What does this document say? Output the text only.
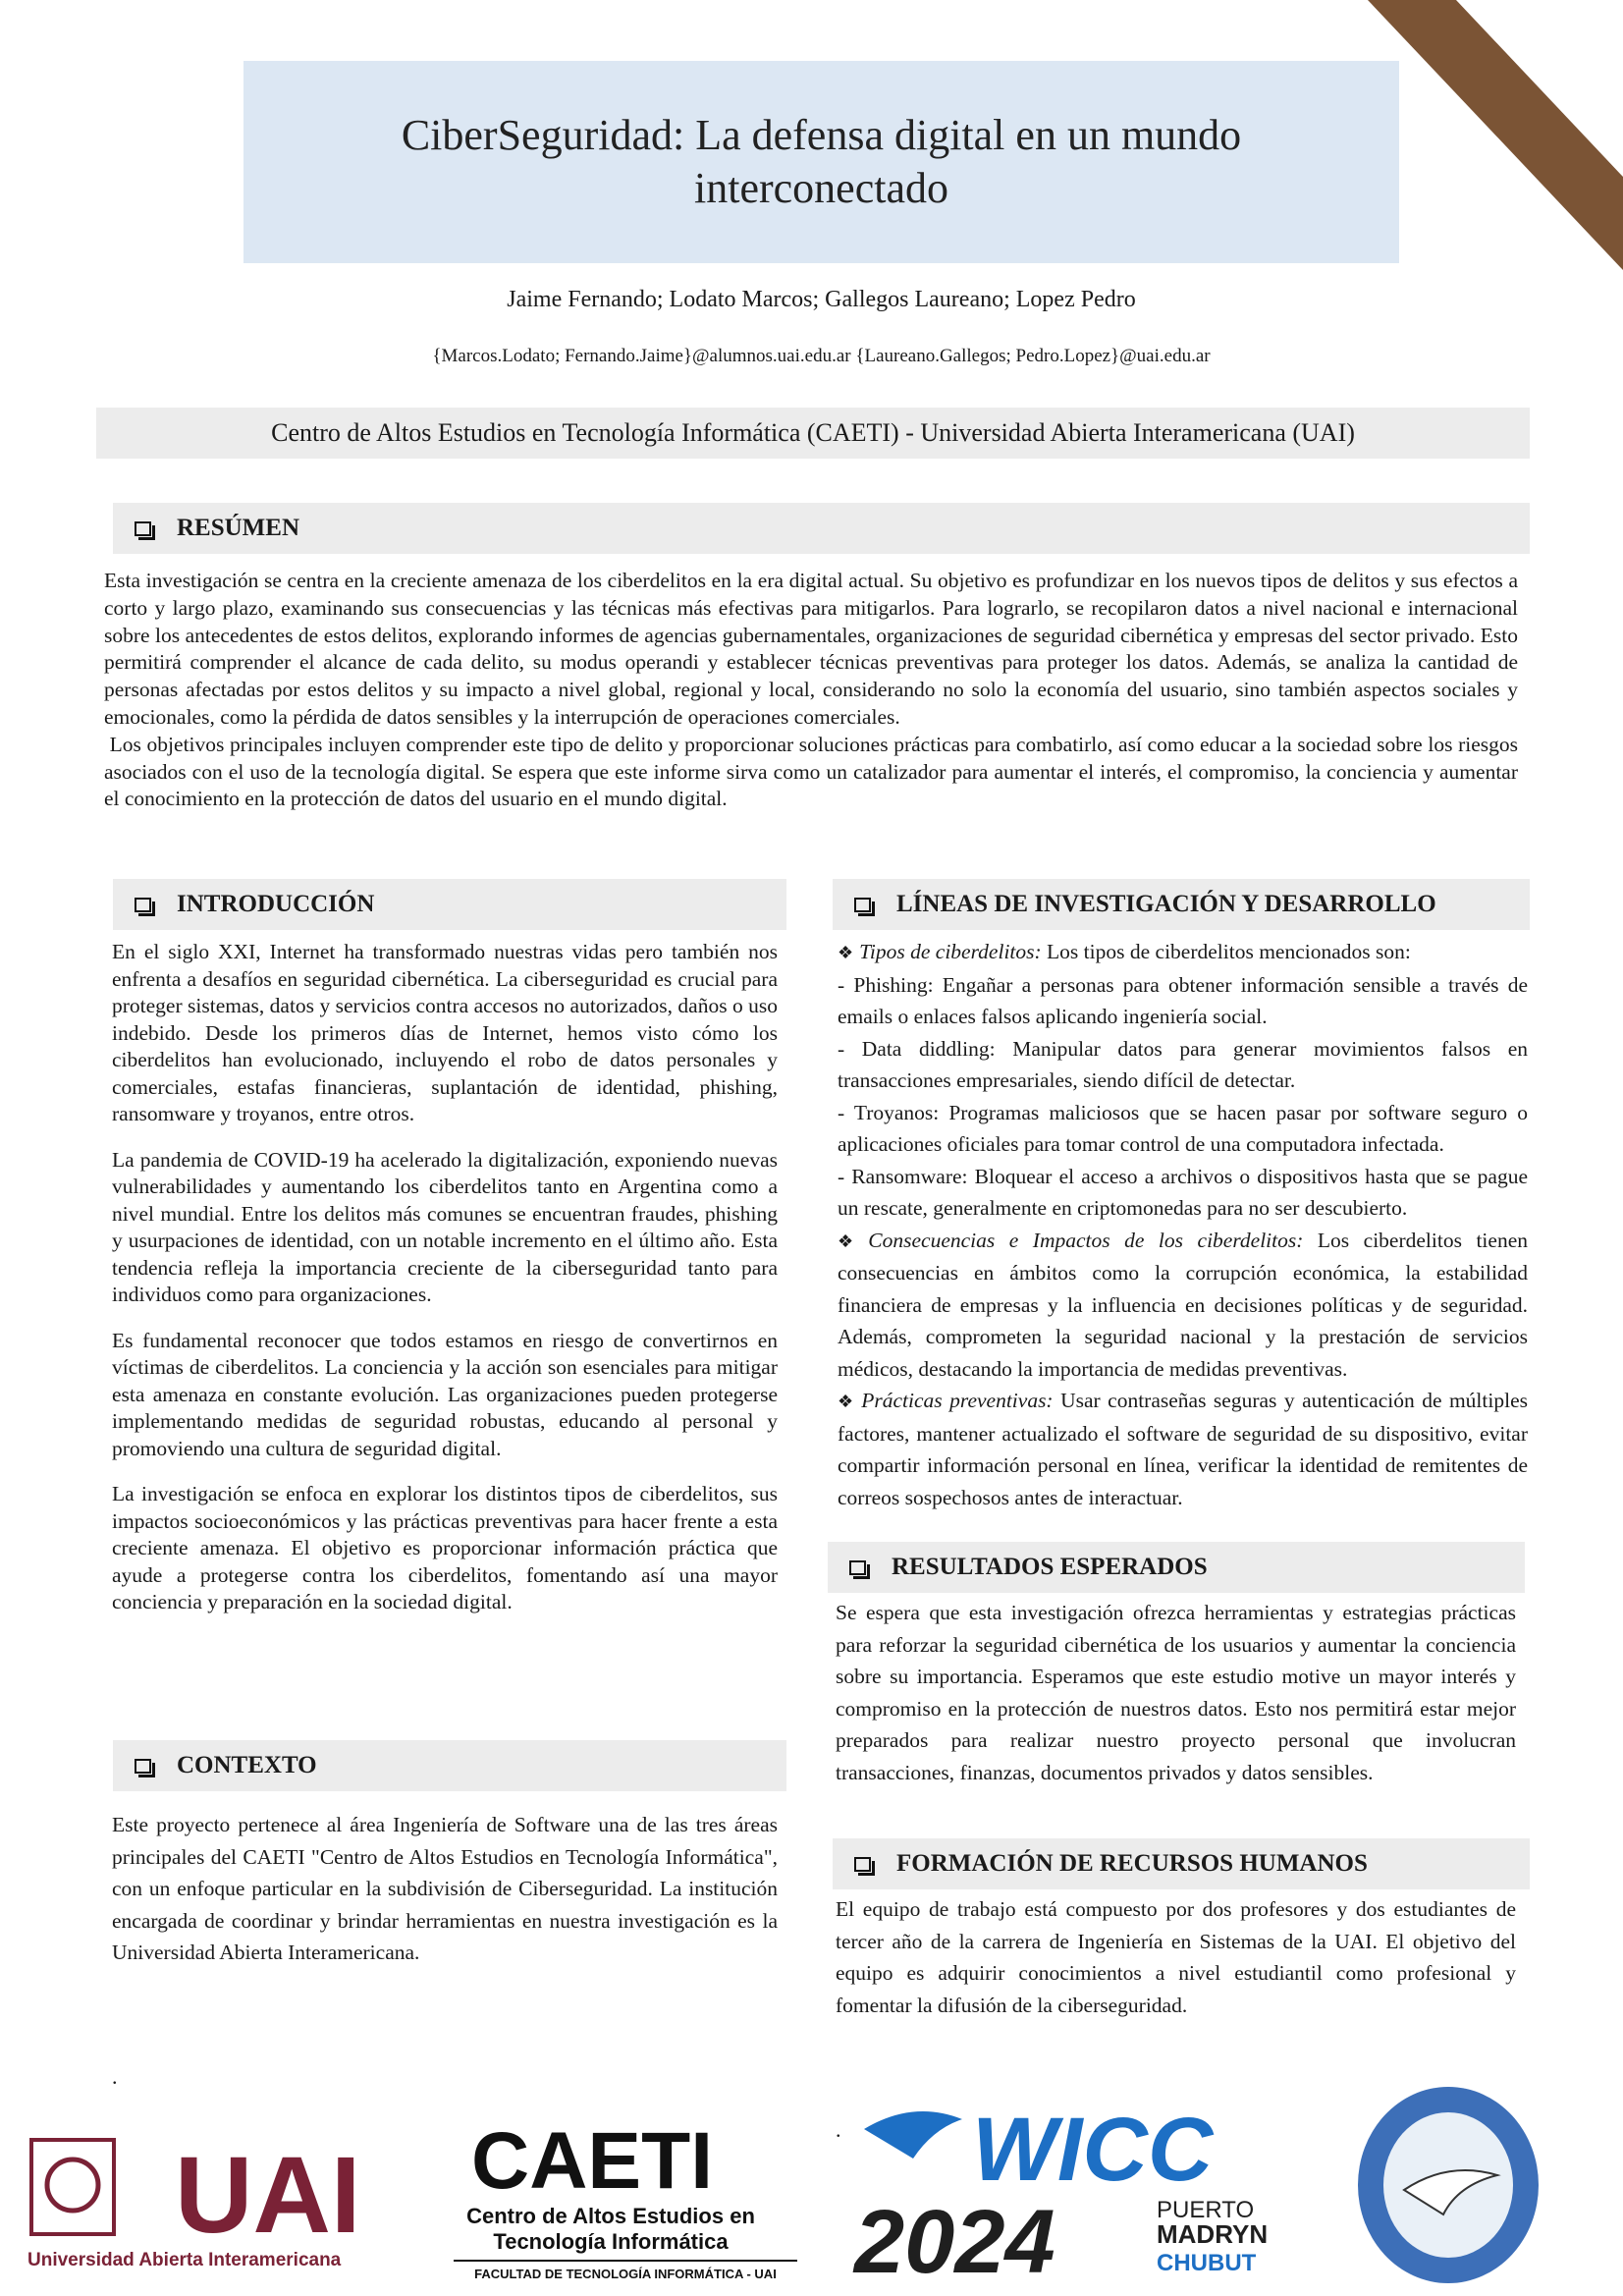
CiberSeguridad: La defensa digital en un mundo interconectado
Jaime Fernando; Lodato Marcos; Gallegos Laureano; Lopez Pedro
{Marcos.Lodato; Fernando.Jaime}@alumnos.uai.edu.ar {Laureano.Gallegos; Pedro.Lopez}@uai.edu.ar
Centro de Altos Estudios en Tecnología Informática (CAETI) - Universidad Abierta Interamericana (UAI)
RESÚMEN

Esta investigación se centra en la creciente amenaza de los ciberdelitos en la era digital actual. Su objetivo es profundizar en los nuevos tipos de delitos y sus efectos a corto y largo plazo, examinando sus consecuencias y las técnicas más efectivas para mitigarlos. Para lograrlo, se recopilaron datos a nivel nacional e internacional sobre los antecedentes de estos delitos, explorando informes de agencias gubernamentales, organizaciones de seguridad cibernética y empresas del sector privado. Esto permitirá comprender el alcance de cada delito, su modus operandi y establecer técnicas preventivas para proteger los datos. Además, se analiza la cantidad de personas afectadas por estos delitos y su impacto a nivel global, regional y local, considerando no solo la economía del usuario, sino también aspectos sociales y emocionales, como la pérdida de datos sensibles y la interrupción de operaciones comerciales.

Los objetivos principales incluyen comprender este tipo de delito y proporcionar soluciones prácticas para combatirlo, así como educar a la sociedad sobre los riesgos asociados con el uso de la tecnología digital. Se espera que este informe sirva como un catalizador para aumentar el interés, el compromiso, la conciencia y aumentar el conocimiento en la protección de datos del usuario en el mundo digital.

INTRODUCCIÓN

En el siglo XXI, Internet ha transformado nuestras vidas pero también nos enfrenta a desafíos en seguridad cibernética. La ciberseguridad es crucial para proteger sistemas, datos y servicios contra accesos no autorizados, daños o uso indebido. Desde los primeros días de Internet, hemos visto cómo los ciberdelitos han evolucionado, incluyendo el robo de datos personales y comerciales, estafas financieras, suplantación de identidad, phishing, ransomware y troyanos, entre otros.

La pandemia de COVID-19 ha acelerado la digitalización, exponiendo nuevas vulnerabilidades y aumentando los ciberdelitos tanto en Argentina como a nivel mundial. Entre los delitos más comunes se encuentran fraudes, phishing y usurpaciones de identidad, con un notable incremento en el último año. Esta tendencia refleja la importancia creciente de la ciberseguridad tanto para individuos como para organizaciones.

Es fundamental reconocer que todos estamos en riesgo de convertirnos en víctimas de ciberdelitos. La conciencia y la acción son esenciales para mitigar esta amenaza en constante evolución. Las organizaciones pueden protegerse implementando medidas de seguridad robustas, educando al personal y promoviendo una cultura de seguridad digital.

La investigación se enfoca en explorar los distintos tipos de ciberdelitos, sus impactos socioeconómicos y las prácticas preventivas para hacer frente a esta creciente amenaza. El objetivo es proporcionar información práctica que ayude a protegerse contra los ciberdelitos, fomentando así una mayor conciencia y preparación en la sociedad digital.

CONTEXTO

Este proyecto pertenece al área Ingeniería de Software una de las tres áreas principales del CAETI "Centro de Altos Estudios en Tecnología Informática", con un enfoque particular en la subdivisión de Ciberseguridad. La institución encargada de coordinar y brindar herramientas en nuestra investigación es la Universidad Abierta Interamericana.

.
LÍNEAS DE INVESTIGACIÓN Y DESARROLLO

❖ Tipos de ciberdelitos: Los tipos de ciberdelitos mencionados son:

- Phishing: Engañar a personas para obtener información sensible a través de emails o enlaces falsos aplicando ingeniería social.

- Data diddling: Manipular datos para generar movimientos falsos en transacciones empresariales, siendo difícil de detectar.

- Troyanos: Programas maliciosos que se hacen pasar por software seguro o aplicaciones oficiales para tomar control de una computadora infectada.

- Ransomware: Bloquear el acceso a archivos o dispositivos hasta que se pague un rescate, generalmente en criptomonedas para no ser descubierto.

❖ Consecuencias e Impactos de los ciberdelitos: Los ciberdelitos tienen consecuencias en ámbitos como la corrupción económica, la estabilidad financiera de empresas y la influencia en decisiones políticas y de seguridad. Además, comprometen la seguridad nacional y la prestación de servicios médicos, destacando la importancia de medidas preventivas.

❖ Prácticas preventivas: Usar contraseñas seguras y autenticación de múltiples factores, mantener actualizado el software de seguridad de su dispositivo, evitar compartir información personal en línea, verificar la identidad de remitentes de correos sospechosos antes de interactuar.

RESULTADOS ESPERADOS

Se espera que esta investigación ofrezca herramientas y estrategias prácticas para reforzar la seguridad cibernética de los usuarios y aumentar la conciencia sobre su importancia. Esperamos que este estudio motive un mayor interés y compromiso en la protección de nuestros datos. Esto nos permitirá estar mejor preparados para realizar nuestro proyecto personal que involucran transacciones, finanzas, documentos privados y datos sensibles.

FORMACIÓN DE RECURSOS HUMANOS

El equipo de trabajo está compuesto por dos profesores y dos estudiantes de tercer año de la carrera de Ingeniería en Sistemas de la UAI. El objetivo del equipo es adquirir conocimientos a nivel estudiantil como profesional y fomentar la difusión de la ciberseguridad.

.
UAI
Universidad Abierta Interamericana
CAETI
Centro de Altos Estudios en
Tecnología Informática
FACULTAD DE TECNOLOGÍA INFORMÁTICA - UAI
WICC
2024	PUERTO
MADRYN
CHUBUT
